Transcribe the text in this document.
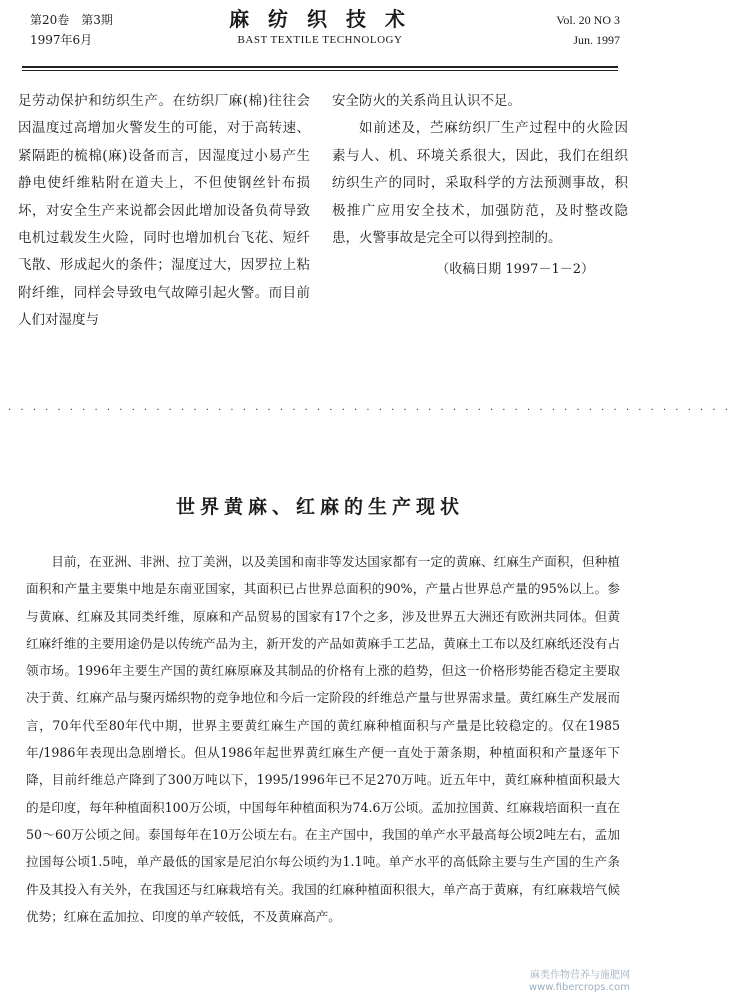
第20卷　第3期
1997年6月
麻 纺 织 技 术
BAST TEXTILE TECHNOLOGY
Vol. 20 NO 3
Jun. 1997

足劳动保护和纺织生产。在纺织厂麻(棉)往往会因温度过高增加火警发生的可能，对于高转速、紧隔距的梳棉(麻)设备而言，因湿度过小易产生静电使纤维粘附在道夫上，不但使钢丝针布损坏，对安全生产来说都会因此增加设备负荷导致电机过载发生火险，同时也增加机台飞花、短纤飞散、形成起火的条件；湿度过大，因罗拉上粘附纤维，同样会导致电气故障引起火警。而目前人们对湿度与

安全防火的关系尚且认识不足。

如前述及，苎麻纺织厂生产过程中的火险因素与人、机、环境关系很大，因此，我们在组织纺织生产的同时，采取科学的方法预测事故，积极推广应用安全技术，加强防范，及时整改隐患，火警事故是完全可以得到控制的。

（收稿日期 1997－1－2）

· · · · · · · · · · · · · · · · · · · · · · · · · · · · · · · · · · · · · · · · · · · · · · · · · · · · · · · · · · ·
世界黄麻、红麻的生产现状

目前，在亚洲、非洲、拉丁美洲，以及美国和南非等发达国家都有一定的黄麻、红麻生产面积，但种植面积和产量主要集中地是东南亚国家，其面积已占世界总面积的90%，产量占世界总产量的95%以上。参与黄麻、红麻及其同类纤维，原麻和产品贸易的国家有17个之多，涉及世界五大洲还有欧洲共同体。但黄红麻纤维的主要用途仍是以传统产品为主，新开发的产品如黄麻手工艺品，黄麻土工布以及红麻纸还没有占领市场。1996年主要生产国的黄红麻原麻及其制品的价格有上涨的趋势，但这一价格形势能否稳定主要取决于黄、红麻产品与聚丙烯织物的竞争地位和今后一定阶段的纤维总产量与世界需求量。黄红麻生产发展而言，70年代至80年代中期，世界主要黄红麻生产国的黄红麻种植面积与产量是比较稳定的。仅在1985年/1986年表现出急剧增长。但从1986年起世界黄红麻生产便一直处于萧条期，种植面积和产量逐年下降，目前纤维总产降到了300万吨以下，1995/1996年已不足270万吨。近五年中，黄红麻种植面积最大的是印度，每年种植面积100万公顷，中国每年种植面积为74.6万公顷。孟加拉国黄、红麻栽培面积一直在50～60万公顷之间。泰国每年在10万公顷左右。在主产国中，我国的单产水平最高每公顷2吨左右，孟加拉国每公顷1.5吨，单产最低的国家是尼泊尔每公顷约为1.1吨。单产水平的高低除主要与生产国的生产条件及其投入有关外，在我国还与红麻栽培有关。我国的红麻种植面积很大，单产高于黄麻，有红麻栽培气候优势；红麻在孟加拉、印度的单产较低，不及黄麻高产。

麻类作物营养与施肥网
www.fibercrops.com
